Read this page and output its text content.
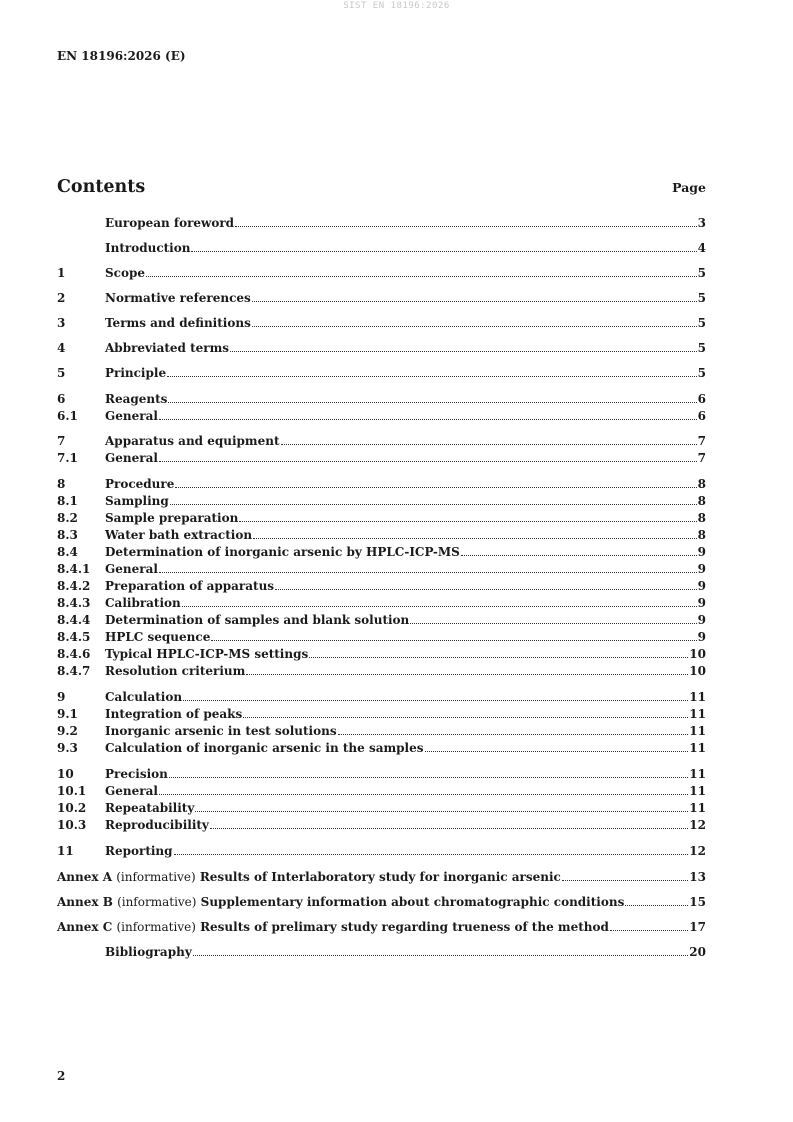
SIST EN 18196:2026
EN 18196:2026 (E)
Contents	Page
European foreword	3
Introduction	4
1	Scope	5
2	Normative references	5
3	Terms and definitions	5
4	Abbreviated terms	5
5	Principle	5
6	Reagents	6
6.1	General	6
7	Apparatus and equipment	7
7.1	General	7
8	Procedure	8
8.1	Sampling	8
8.2	Sample preparation	8
8.3	Water bath extraction	8
8.4	Determination of inorganic arsenic by HPLC-ICP-MS	9
8.4.1	General	9
8.4.2	Preparation of apparatus	9
8.4.3	Calibration	9
8.4.4	Determination of samples and blank solution	9
8.4.5	HPLC sequence	9
8.4.6	Typical HPLC-ICP-MS settings	10
8.4.7	Resolution criterium	10
9	Calculation	11
9.1	Integration of peaks	11
9.2	Inorganic arsenic in test solutions	11
9.3	Calculation of inorganic arsenic in the samples	11
10	Precision	11
10.1	General	11
10.2	Repeatability	11
10.3	Reproducibility	12
11	Reporting	12
Annex A (informative) Results of Interlaboratory study for inorganic arsenic	13
Annex B (informative) Supplementary information about chromatographic conditions	15
Annex C (informative) Results of prelimary study regarding trueness of the method	17
Bibliography	20
2
